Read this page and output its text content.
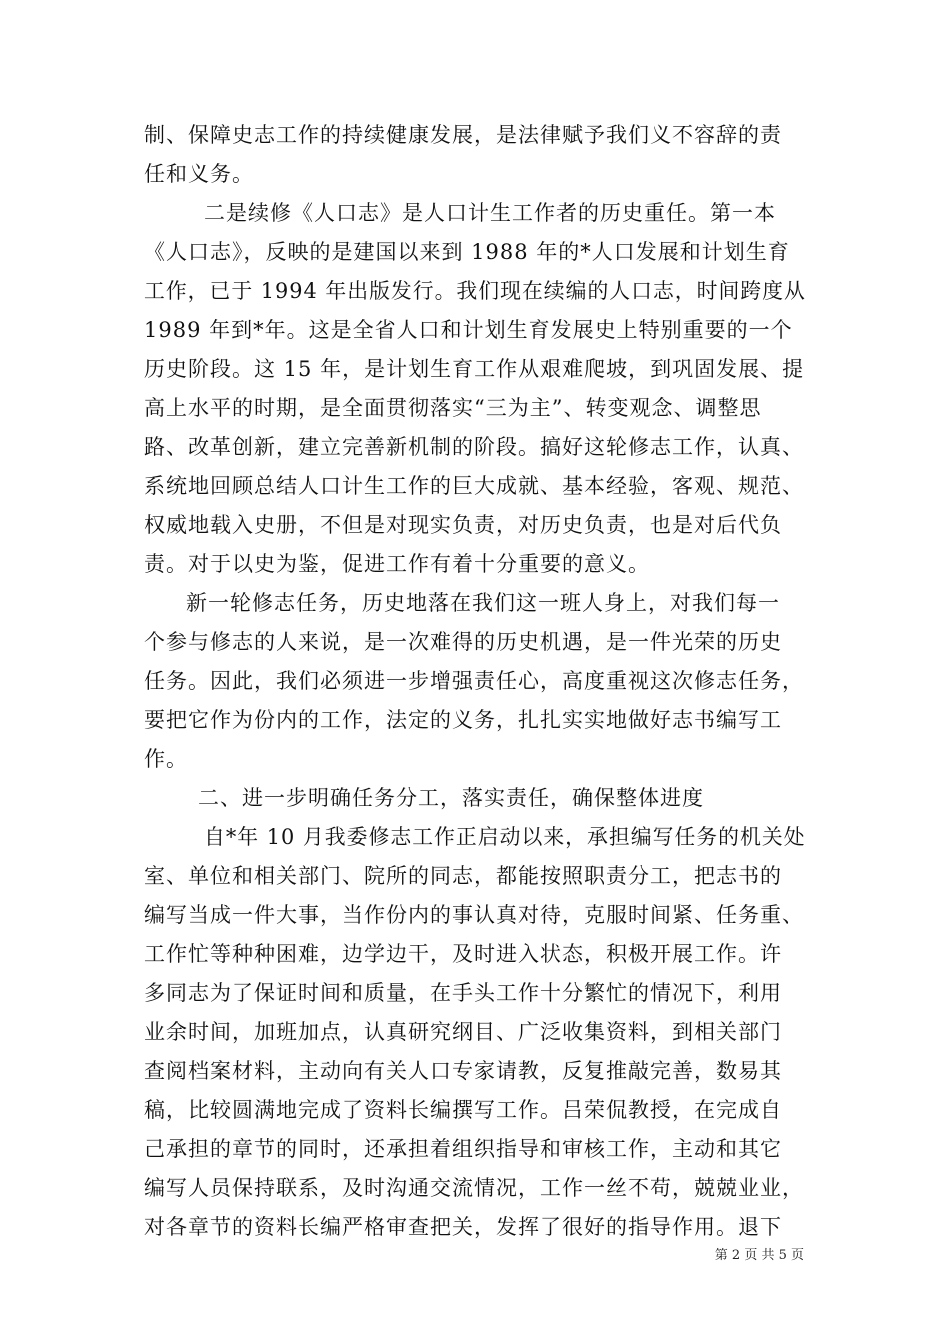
制、保障史志工作的持续健康发展，是法律赋予我们义不容辞的责
任和义务。
二是续修《人口志》是人口计生工作者的历史重任。第一本
《人口志》，反映的是建国以来到 1988 年的*人口发展和计划生育
工作，已于 1994 年出版发行。我们现在续编的人口志，时间跨度从
1989 年到*年。这是全省人口和计划生育发展史上特别重要的一个
历史阶段。这 15 年，是计划生育工作从艰难爬坡，到巩固发展、提
高上水平的时期，是全面贯彻落实“三为主”、转变观念、调整思
路、改革创新，建立完善新机制的阶段。搞好这轮修志工作，认真、
系统地回顾总结人口计生工作的巨大成就、基本经验，客观、规范、
权威地载入史册，不但是对现实负责，对历史负责，也是对后代负
责。对于以史为鉴，促进工作有着十分重要的意义。
新一轮修志任务，历史地落在我们这一班人身上，对我们每一
个参与修志的人来说，是一次难得的历史机遇，是一件光荣的历史
任务。因此，我们必须进一步增强责任心，高度重视这次修志任务，
要把它作为份内的工作，法定的义务，扎扎实实地做好志书编写工
作。
二、进一步明确任务分工，落实责任，确保整体进度
自*年 10 月我委修志工作正启动以来，承担编写任务的机关处
室、单位和相关部门、院所的同志，都能按照职责分工，把志书的
编写当成一件大事，当作份内的事认真对待，克服时间紧、任务重、
工作忙等种种困难，边学边干，及时进入状态，积极开展工作。许
多同志为了保证时间和质量，在手头工作十分繁忙的情况下，利用
业余时间，加班加点，认真研究纲目、广泛收集资料，到相关部门
查阅档案材料，主动向有关人口专家请教，反复推敲完善，数易其
稿，比较圆满地完成了资料长编撰写工作。吕荣侃教授，在完成自
己承担的章节的同时，还承担着组织指导和审核工作，主动和其它
编写人员保持联系，及时沟通交流情况，工作一丝不苟，兢兢业业，
对各章节的资料长编严格审查把关，发挥了很好的指导作用。退下
第 2 页 共 5 页
